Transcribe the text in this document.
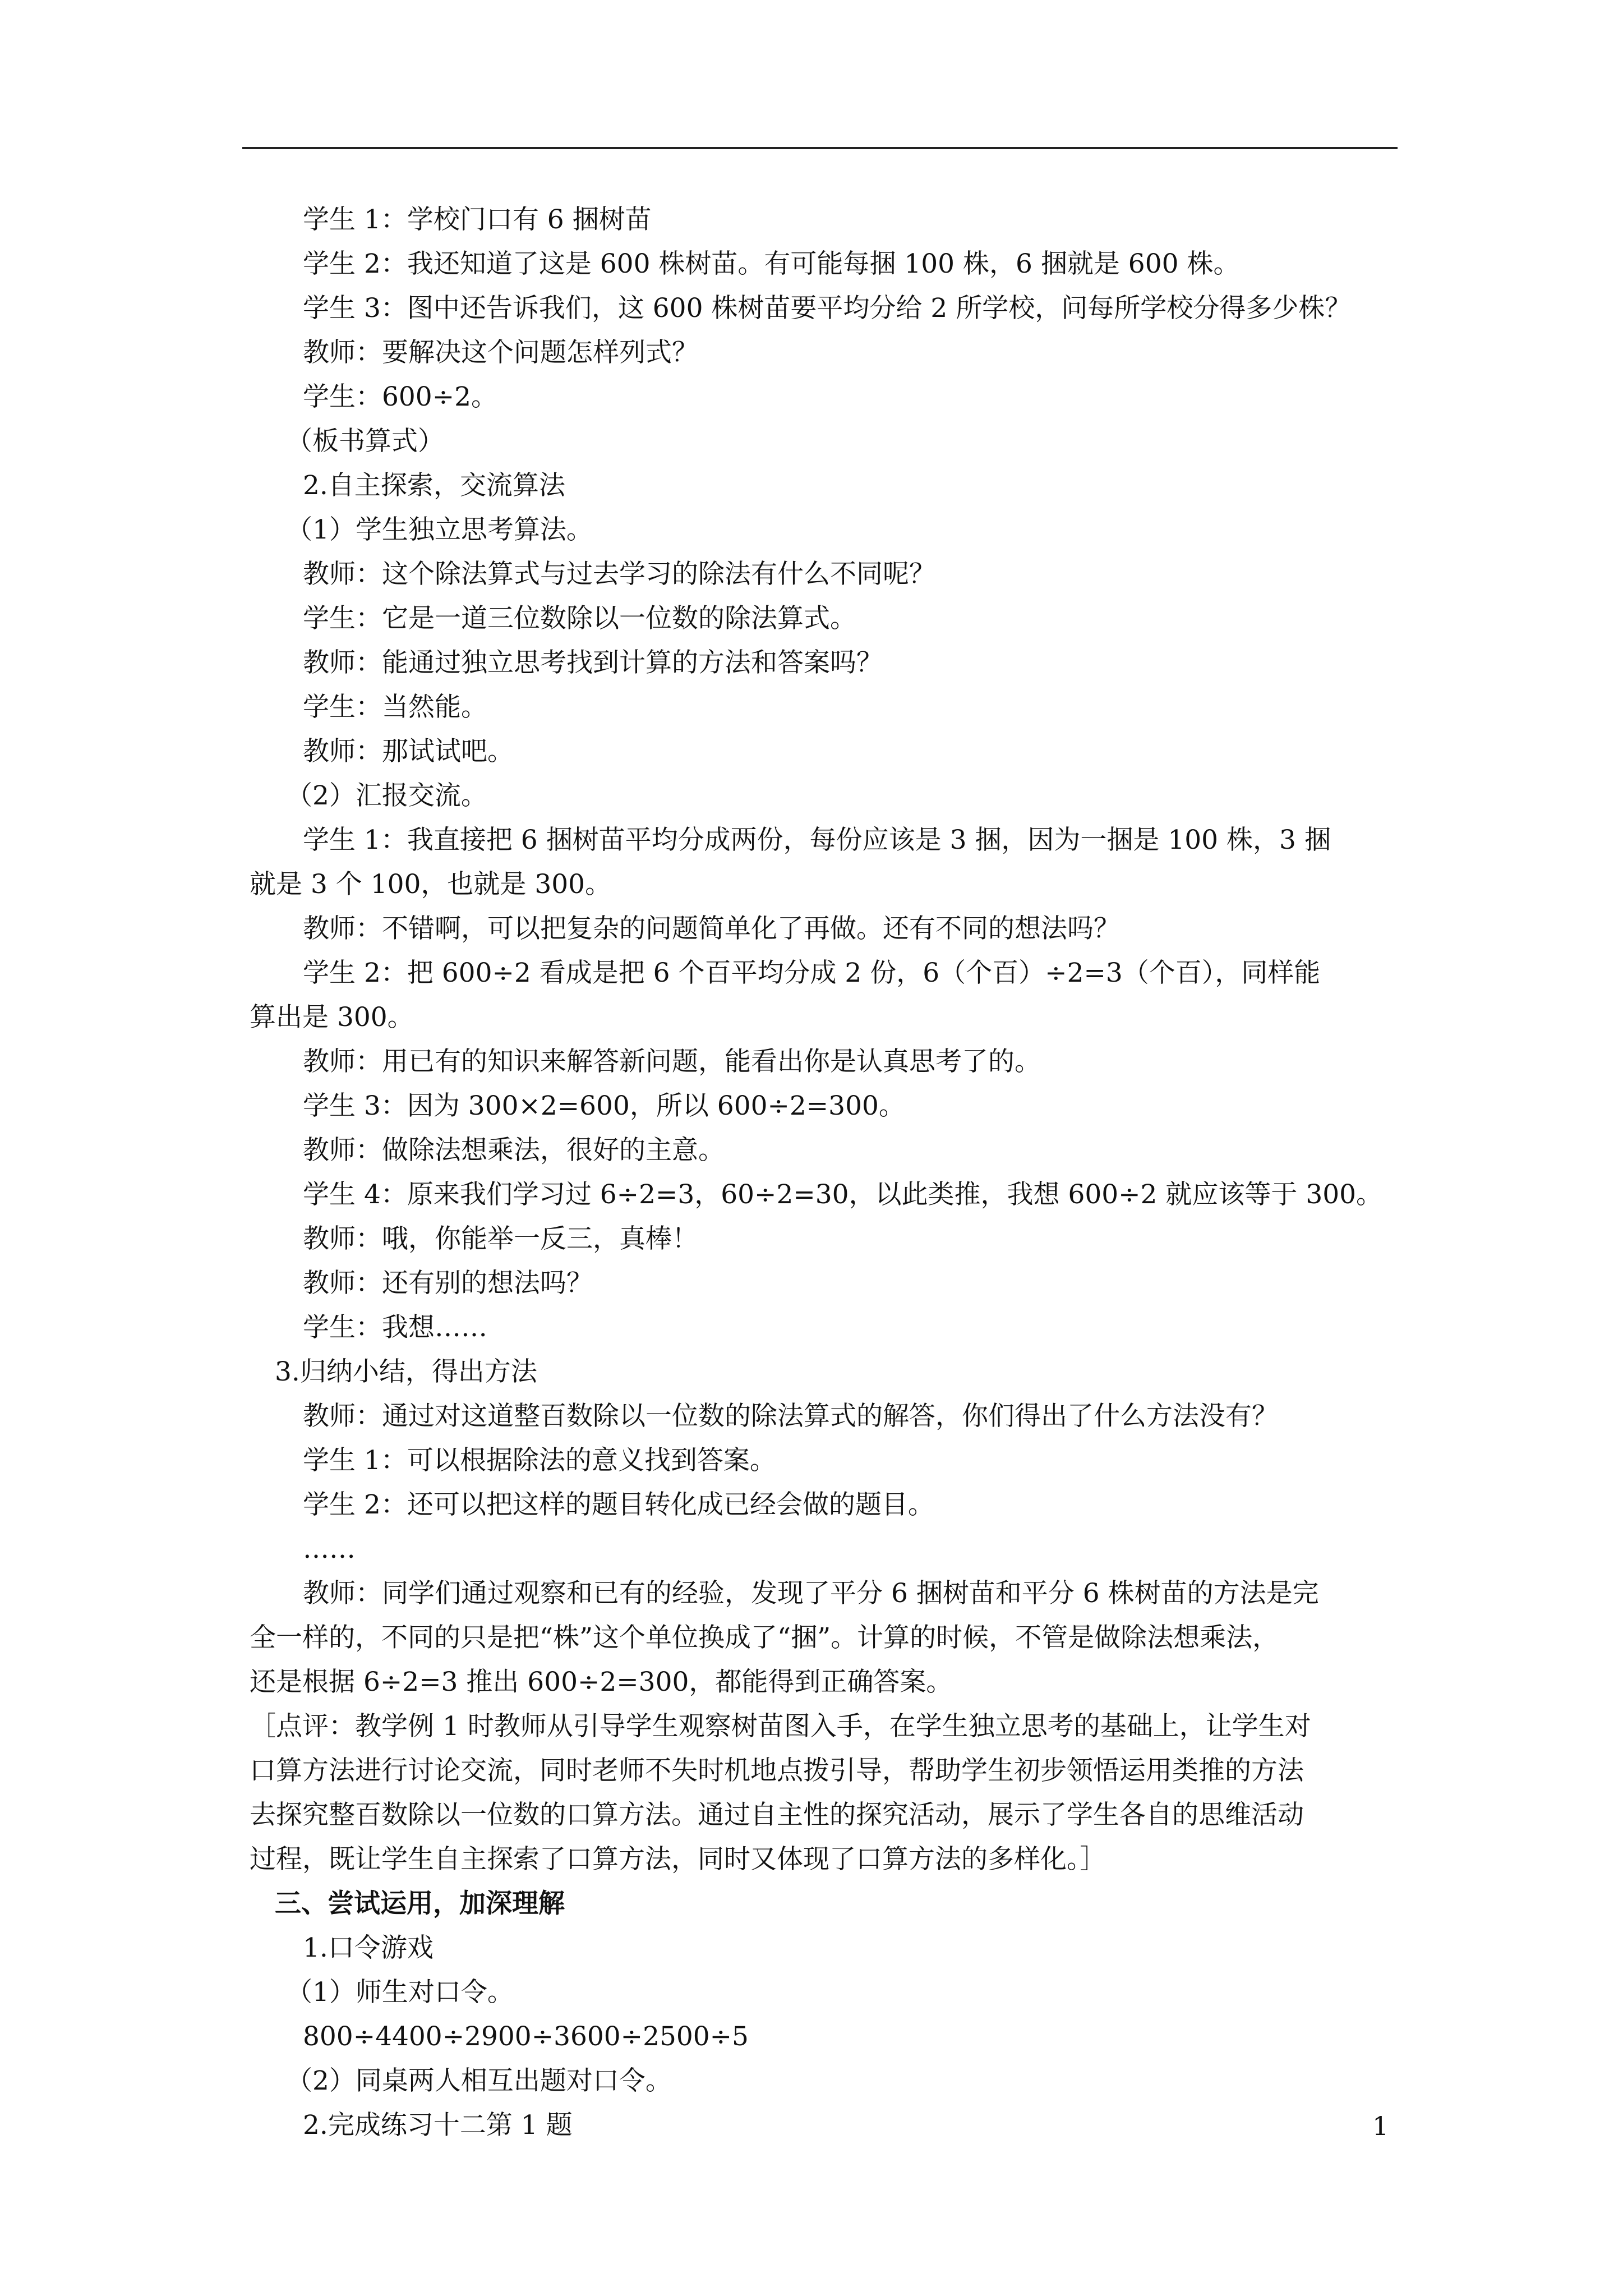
学生 1：学校门口有 6 捆树苗
学生 2：我还知道了这是 600 株树苗。有可能每捆 100 株，6 捆就是 600 株。
学生 3：图中还告诉我们，这 600 株树苗要平均分给 2 所学校，问每所学校分得多少株？
教师：要解决这个问题怎样列式？
学生：600÷2。
（板书算式）
2.自主探索，交流算法
（1）学生独立思考算法。
教师：这个除法算式与过去学习的除法有什么不同呢？
学生：它是一道三位数除以一位数的除法算式。
教师：能通过独立思考找到计算的方法和答案吗？
学生：当然能。
教师：那试试吧。
（2）汇报交流。
学生 1：我直接把 6 捆树苗平均分成两份，每份应该是 3 捆，因为一捆是 100 株，3 捆
就是 3 个 100，也就是 300。
教师：不错啊，可以把复杂的问题简单化了再做。还有不同的想法吗？
学生 2：把 600÷2 看成是把 6 个百平均分成 2 份，6（个百）÷2=3（个百），同样能
算出是 300。
教师：用已有的知识来解答新问题，能看出你是认真思考了的。
学生 3：因为 300×2=600，所以 600÷2=300。
教师：做除法想乘法，很好的主意。
学生 4：原来我们学习过 6÷2=3，60÷2=30，以此类推，我想 600÷2 就应该等于 300。
教师：哦，你能举一反三，真棒！
教师：还有别的想法吗？
学生：我想……
3.归纳小结，得出方法
教师：通过对这道整百数除以一位数的除法算式的解答，你们得出了什么方法没有？
学生 1：可以根据除法的意义找到答案。
学生 2：还可以把这样的题目转化成已经会做的题目。
……
教师：同学们通过观察和已有的经验，发现了平分 6 捆树苗和平分 6 株树苗的方法是完
全一样的，不同的只是把“株”这个单位换成了“捆”。计算的时候，不管是做除法想乘法，
还是根据 6÷2=3 推出 600÷2=300，都能得到正确答案。
［点评：教学例 1 时教师从引导学生观察树苗图入手，在学生独立思考的基础上，让学生对
口算方法进行讨论交流，同时老师不失时机地点拨引导，帮助学生初步领悟运用类推的方法
去探究整百数除以一位数的口算方法。通过自主性的探究活动，展示了学生各自的思维活动
过程，既让学生自主探索了口算方法，同时又体现了口算方法的多样化。］
三、尝试运用，加深理解
1.口令游戏
（1）师生对口令。
800÷4400÷2900÷3600÷2500÷5
（2）同桌两人相互出题对口令。
2.完成练习十二第 1 题	1
